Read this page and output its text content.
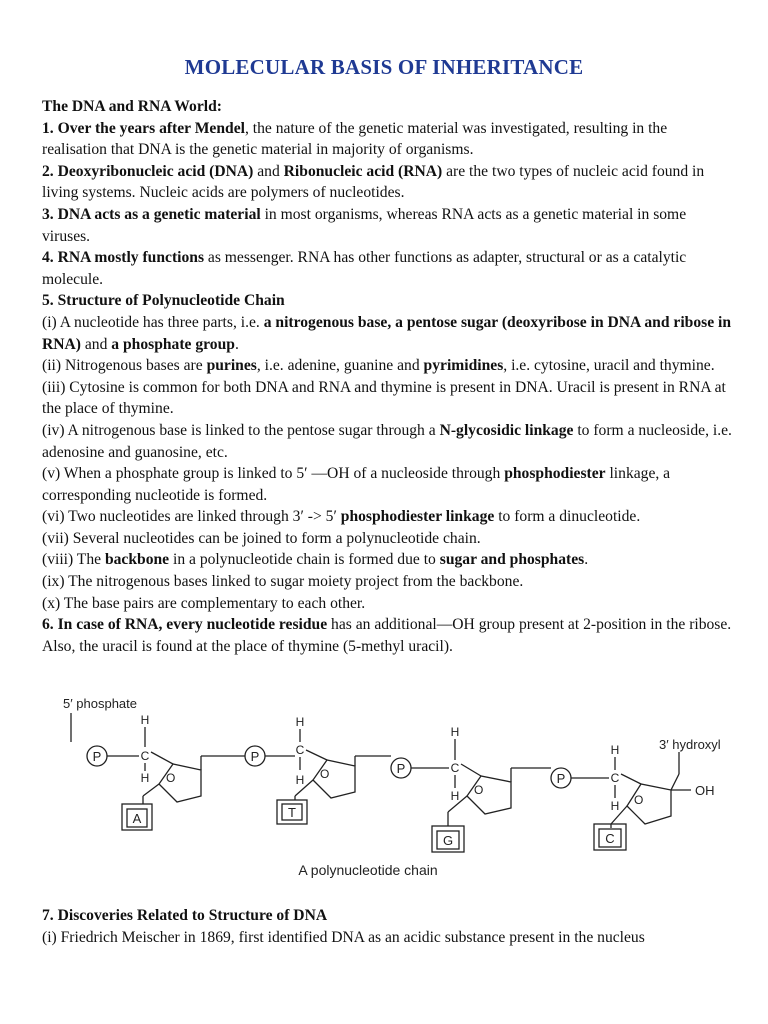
MOLECULAR BASIS OF INHERITANCE

The DNA and RNA World:

1. Over the years after Mendel, the nature of the genetic material was investigated, resulting in the realisation that DNA is the genetic material in majority of organisms.

2. Deoxyribonucleic acid (DNA) and Ribonucleic acid (RNA) are the two types of nucleic acid found in living systems. Nucleic acids are polymers of nucleotides.

3. DNA acts as a genetic material in most organisms, whereas RNA acts as a genetic material in some viruses.

4. RNA mostly functions as messenger. RNA has other functions as adapter, structural or as a catalytic molecule.

5. Structure of Polynucleotide Chain

(i) A nucleotide has three parts, i.e. a nitrogenous base, a pentose sugar (deoxyribose in DNA and ribose in RNA) and a phosphate group.

(ii) Nitrogenous bases are purines, i.e. adenine, guanine and pyrimidines, i.e. cytosine, uracil and thymine.

(iii) Cytosine is common for both DNA and RNA and thymine is present in DNA. Uracil is present in RNA at the place of thymine.

(iv) A nitrogenous base is linked to the pentose sugar through a N-glycosidic linkage to form a nucleoside, i.e. adenosine and guanosine, etc.

(v) When a phosphate group is linked to 5′ —OH of a nucleoside through phosphodiester linkage, a corresponding nucleotide is formed.

(vi) Two nucleotides are linked through 3′ -> 5′ phosphodiester linkage to form a dinucleotide.

(vii) Several nucleotides can be joined to form a polynucleotide chain.

(viii) The backbone in a polynucleotide chain is formed due to sugar and phosphates.

(ix) The nitrogenous bases linked to sugar moiety project from the backbone.

(x) The base pairs are complementary to each other.

6. In case of RNA, every nucleotide residue has an additional—OH group present at 2-position in the ribose. Also, the uracil is found at the place of thymine (5-methyl uracil).

5′ phosphate
P
H
C
H O
A
P
H
C
H O
T
P
H
C
H O
G
P
H
C
H O
OH
3′ hydroxyl
C
A polynucleotide chain

7. Discoveries Related to Structure of DNA

(i) Friedrich Meischer in 1869, first identified DNA as an acidic substance present in the nucleus
